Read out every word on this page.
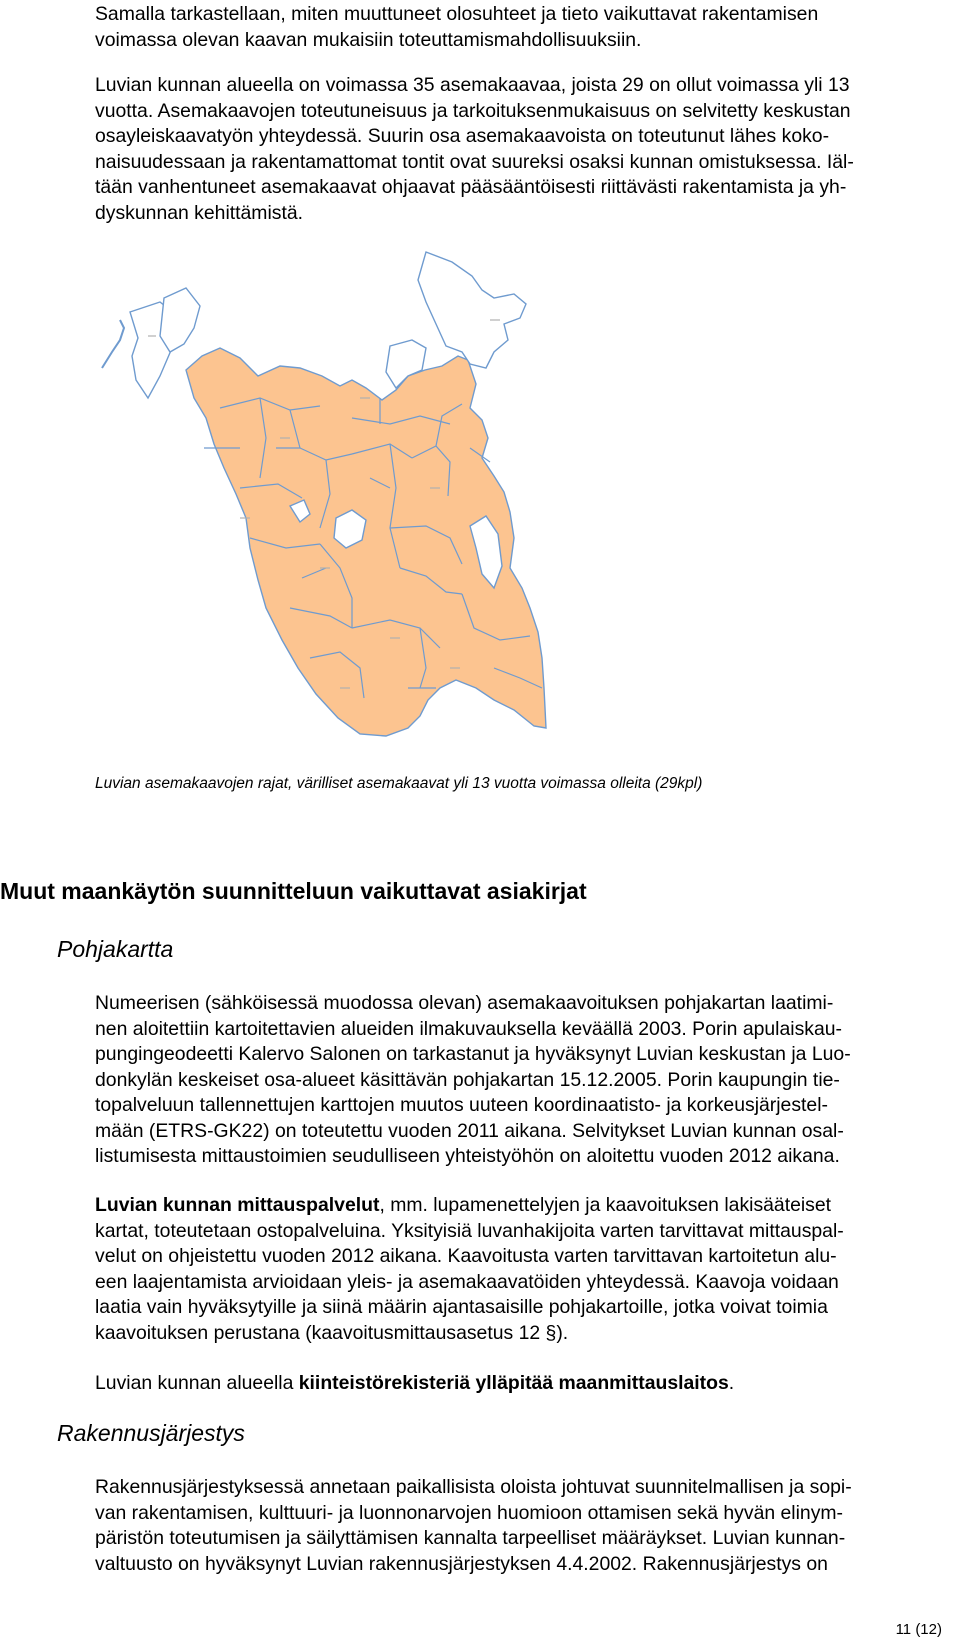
Samalla tarkastellaan, miten muuttuneet olosuhteet ja tieto vaikuttavat rakentamisen
voimassa olevan kaavan mukaisiin toteuttamismahdollisuuksiin.
Luvian kunnan alueella on voimassa 35 asemakaavaa, joista 29 on ollut voimassa yli 13
vuotta. Asemakaavojen toteutuneisuus ja tarkoituksenmukaisuus on selvitetty keskustan
osayleiskaavatyön yhteydessä. Suurin osa asemakaavoista on toteutunut lähes koko-
naisuudessaan ja rakentamattomat tontit ovat suureksi osaksi kunnan omistuksessa. Iäl-
tään vanhentuneet asemakaavat ohjaavat pääsääntöisesti riittävästi rakentamista ja yh-
dyskunnan kehittämistä.
Luvian asemakaavojen rajat, värilliset asemakaavat yli 13 vuotta voimassa olleita (29kpl)
Muut maankäytön suunnitteluun vaikuttavat asiakirjat
Pohjakartta
Numeerisen (sähköisessä muodossa olevan) asemakaavoituksen pohjakartan laatimi-
nen aloitettiin kartoitettavien alueiden ilmakuvauksella keväällä 2003. Porin apulaiskau-
pungingeodeetti Kalervo Salonen on tarkastanut ja hyväksynyt Luvian keskustan ja Luo-
donkylän keskeiset osa-alueet käsittävän pohjakartan 15.12.2005. Porin kaupungin tie-
topalveluun tallennettujen karttojen muutos uuteen koordinaatisto- ja korkeusjärjestel-
mään (ETRS-GK22) on toteutettu vuoden 2011 aikana. Selvitykset Luvian kunnan osal-
listumisesta mittaustoimien seudulliseen yhteistyöhön on aloitettu vuoden 2012 aikana.
Luvian kunnan mittauspalvelut, mm. lupamenettelyjen ja kaavoituksen lakisääteiset
kartat, toteutetaan ostopalveluina. Yksityisiä luvanhakijoita varten tarvittavat mittauspal-
velut on ohjeistettu vuoden 2012 aikana. Kaavoitusta varten tarvittavan kartoitetun alu-
een laajentamista arvioidaan yleis- ja asemakaavatöiden yhteydessä. Kaavoja voidaan
laatia vain hyväksytyille ja siinä määrin ajantasaisille pohjakartoille, jotka voivat toimia
kaavoituksen perustana (kaavoitusmittausasetus 12 §).
Luvian kunnan alueella kiinteistörekisteriä ylläpitää maanmittauslaitos.
Rakennusjärjestys
Rakennusjärjestyksessä annetaan paikallisista oloista johtuvat suunnitelmallisen ja sopi-
van rakentamisen, kulttuuri- ja luonnonarvojen huomioon ottamisen sekä hyvän elinym-
päristön toteutumisen ja säilyttämisen kannalta tarpeelliset määräykset. Luvian kunnan-
valtuusto on hyväksynyt Luvian rakennusjärjestyksen 4.4.2002. Rakennusjärjestys on
11 (12)
